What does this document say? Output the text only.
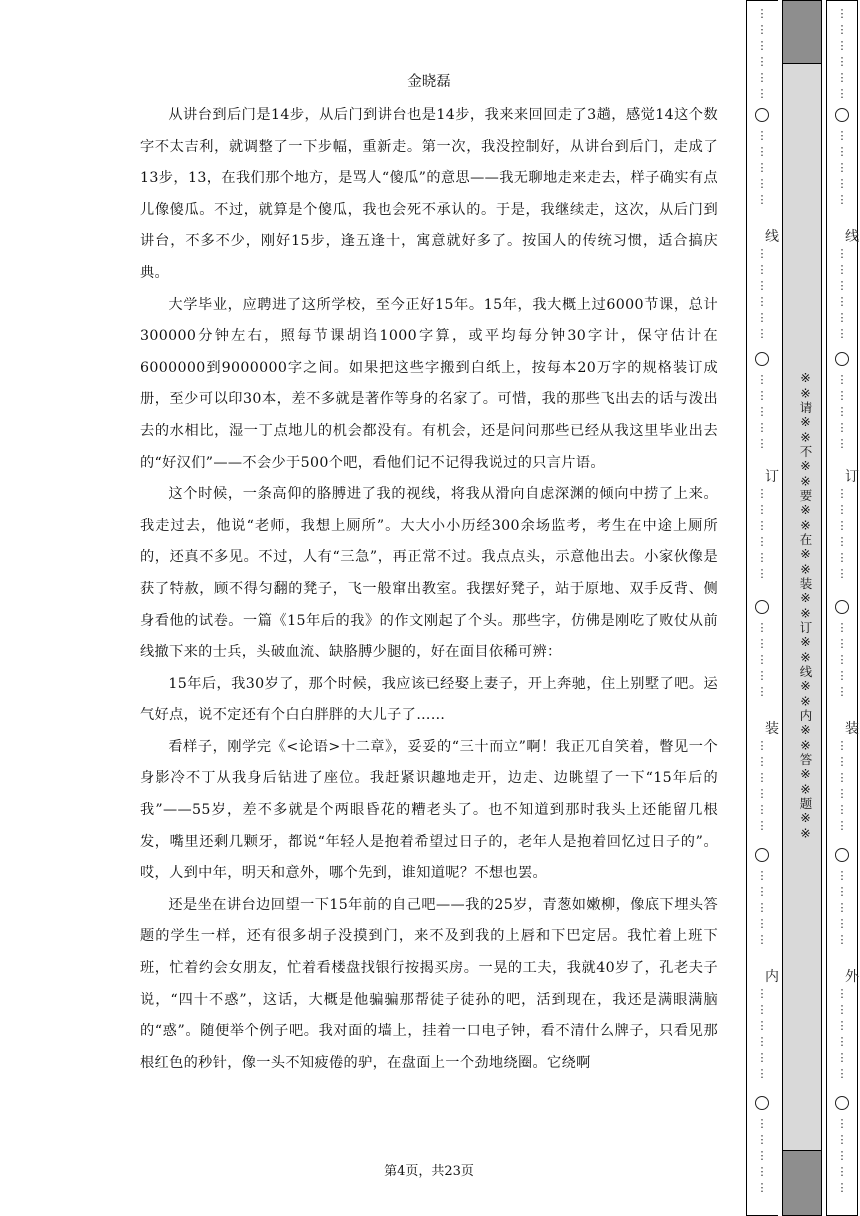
金晓磊

从讲台到后门是14步，从后门到讲台也是14步，我来来回回走了3趟，感觉14这个数字不太吉利，就调整了一下步幅，重新走。第一次，我没控制好，从讲台到后门，走成了13步，13，在我们那个地方，是骂人“傻瓜”的意思——我无聊地走来走去，样子确实有点儿像傻瓜。不过，就算是个傻瓜，我也会死不承认的。于是，我继续走，这次，从后门到讲台，不多不少，刚好15步，逢五逢十，寓意就好多了。按国人的传统习惯，适合搞庆典。

大学毕业，应聘进了这所学校，至今正好15年。15年，我大概上过6000节课，总计300000分钟左右，照每节课胡诌1000字算，或平均每分钟30字计，保守估计在6000000到9000000字之间。如果把这些字搬到白纸上，按每本20万字的规格装订成册，至少可以印30本，差不多就是著作等身的名家了。可惜，我的那些飞出去的话与泼出去的水相比，湿一丁点地儿的机会都没有。有机会，还是问问那些已经从我这里毕业出去的“好汉们”——不会少于500个吧，看他们记不记得我说过的只言片语。

这个时候，一条高仰的胳膊进了我的视线，将我从滑向自虑深渊的倾向中捞了上来。我走过去，他说“老师，我想上厕所”。大大小小历经300余场监考，考生在中途上厕所的，还真不多见。不过，人有“三急”，再正常不过。我点点头，示意他出去。小家伙像是获了特赦，顾不得匀翻的凳子，飞一般窜出教室。我摆好凳子，站于原地、双手反背、侧身看他的试卷。一篇《15年后的我》的作文刚起了个头。那些字，仿佛是刚吃了败仗从前线撤下来的士兵，头破血流、缺胳膊少腿的，好在面目依稀可辨：

15年后，我30岁了，那个时候，我应该已经娶上妻子，开上奔驰，住上别墅了吧。运气好点，说不定还有个白白胖胖的大儿子了……

看样子，刚学完《<论语>十二章》，妥妥的“三十而立”啊！我正兀自笑着，瞥见一个身影冷不丁从我身后钻进了座位。我赶紧识趣地走开，边走、边眺望了一下“15年后的我”——55岁，差不多就是个两眼昏花的糟老头了。也不知道到那时我头上还能留几根发，嘴里还剩几颗牙，都说“年轻人是抱着希望过日子的，老年人是抱着回忆过日子的”。哎，人到中年，明天和意外，哪个先到，谁知道呢？不想也罢。

还是坐在讲台边回望一下15年前的自己吧——我的25岁，青葱如嫩柳，像底下埋头答题的学生一样，还有很多胡子没摸到门，来不及到我的上唇和下巴定居。我忙着上班下班，忙着约会女朋友，忙着看楼盘找银行按揭买房。一晃的工夫，我就40岁了，孔老夫子说，“四十不惑”，这话，大概是他骗骗那帮徒子徒孙的吧，活到现在，我还是满眼满脑的“惑”。随便举个例子吧。我对面的墙上，挂着一口电子钟，看不清什么牌子，只看见那根红色的秒针，像一头不知疲倦的驴，在盘面上一个劲地绕圈。它绕啊

第4页，共23页
※※请※※不※※要※※在※※装※※订※※线※※内※※答※※题※※
线
订
装
内
⋮
⋮
⋮
⋮
⋮
⋮
⋮
⋮
⋮
⋮
⋮
⋮
⋮
⋮
⋮
⋮
⋮
⋮
⋮
⋮
⋮
⋮
⋮
⋮
⋮
⋮
⋮
⋮
⋮
⋮
⋮
⋮
⋮
⋮
⋮
⋮
⋮
⋮
⋮
⋮
⋮
⋮
⋮
⋮
⋮
⋮
⋮
⋮
⋮
⋮
⋮
⋮
⋮
⋮
⋮
线
订
装
外
⋮
⋮
⋮
⋮
⋮
⋮
⋮
⋮
⋮
⋮
⋮
⋮
⋮
⋮
⋮
⋮
⋮
⋮
⋮
⋮
⋮
⋮
⋮
⋮
⋮
⋮
⋮
⋮
⋮
⋮
⋮
⋮
⋮
⋮
⋮
⋮
⋮
⋮
⋮
⋮
⋮
⋮
⋮
⋮
⋮
⋮
⋮
⋮
⋮
⋮
⋮
⋮
⋮
⋮
⋮
